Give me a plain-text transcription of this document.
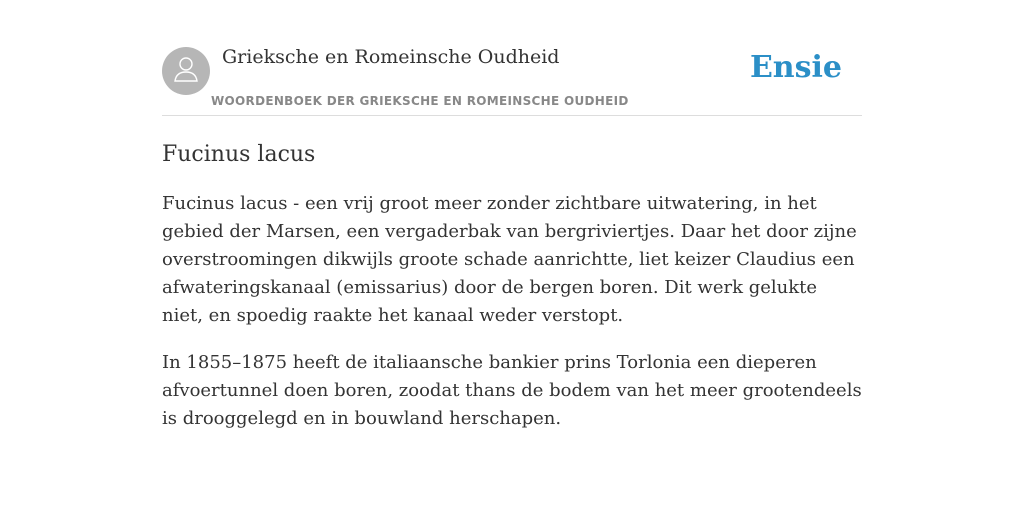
Grieksche en Romeinsche Oudheid
WOORDENBOEK DER GRIEKSCHE EN ROMEINSCHE OUDHEID
Ensie
Fucinus lacus

Fucinus lacus - een vrij groot meer zonder zichtbare uitwatering, in het gebied der Marsen, een vergaderbak van bergriviertjes. Daar het door zijne overstroomingen dikwijls groote schade aanrichtte, liet keizer Claudius een afwateringskanaal (emissarius) door de bergen boren. Dit werk gelukte niet, en spoedig raakte het kanaal weder verstopt.

In 1855–1875 heeft de italiaansche bankier prins Torlonia een dieperen afvoertunnel doen boren, zoodat thans de bodem van het meer grootendeels is drooggelegd en in bouwland herschapen.
